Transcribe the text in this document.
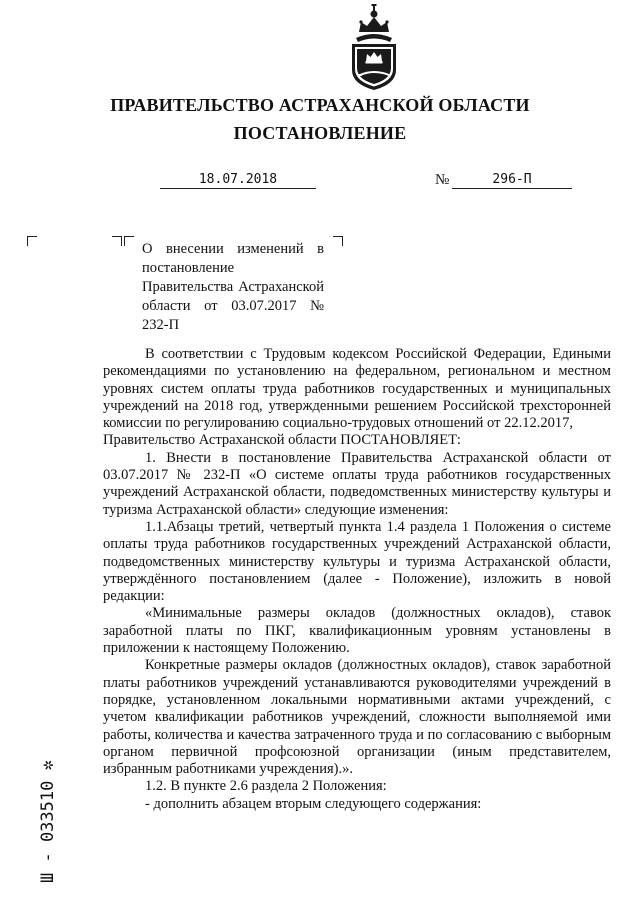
ПРАВИТЕЛЬСТВО АСТРАХАНСКОЙ ОБЛАСТИ
ПОСТАНОВЛЕНИЕ
18.07.2018	№	296-П
О внесении изменений в постановление Правительства Астраханской области от 03.07.2017 № 232-П

В соответствии с Трудовым кодексом Российской Федерации, Едиными рекомендациями по установлению на федеральном, региональном и местном уровнях систем оплаты труда работников государственных и муниципальных учреждений на 2018 год, утвержденными решением Российской трехсторонней комиссии по регулированию социально-трудовых отношений от 22.12.2017,

Правительство Астраханской области ПОСТАНОВЛЯЕТ:

1. Внести в постановление Правительства Астраханской области от 03.07.2017 № 232-П «О системе оплаты труда работников государственных учреждений Астраханской области, подведомственных министерству культуры и туризма Астраханской области» следующие изменения:

1.1.Абзацы третий, четвертый пункта 1.4 раздела 1 Положения о системе оплаты труда работников государственных учреждений Астраханской области, подведомственных министерству культуры и туризма Астраханской области, утверждённого постановлением (далее - Положение), изложить в новой редакции:

«Минимальные размеры окладов (должностных окладов), ставок заработной платы по ПКГ, квалификационным уровням установлены в приложении к настоящему Положению.

Конкретные размеры окладов (должностных окладов), ставок заработной платы работников учреждений устанавливаются руководителями учреждений в порядке, установленном локальными нормативными актами учреждений, с учетом квалификации работников учреждений, сложности выполняемой ими работы, количества и качества затраченного труда и по согласованию с выборным органом первичной профсоюзной организации (иным представителем, избранным работниками учреждения).».

1.2. В пункте 2.6 раздела 2 Положения:

- дополнить абзацем вторым следующего содержания:

Ш - 033510 ✲
